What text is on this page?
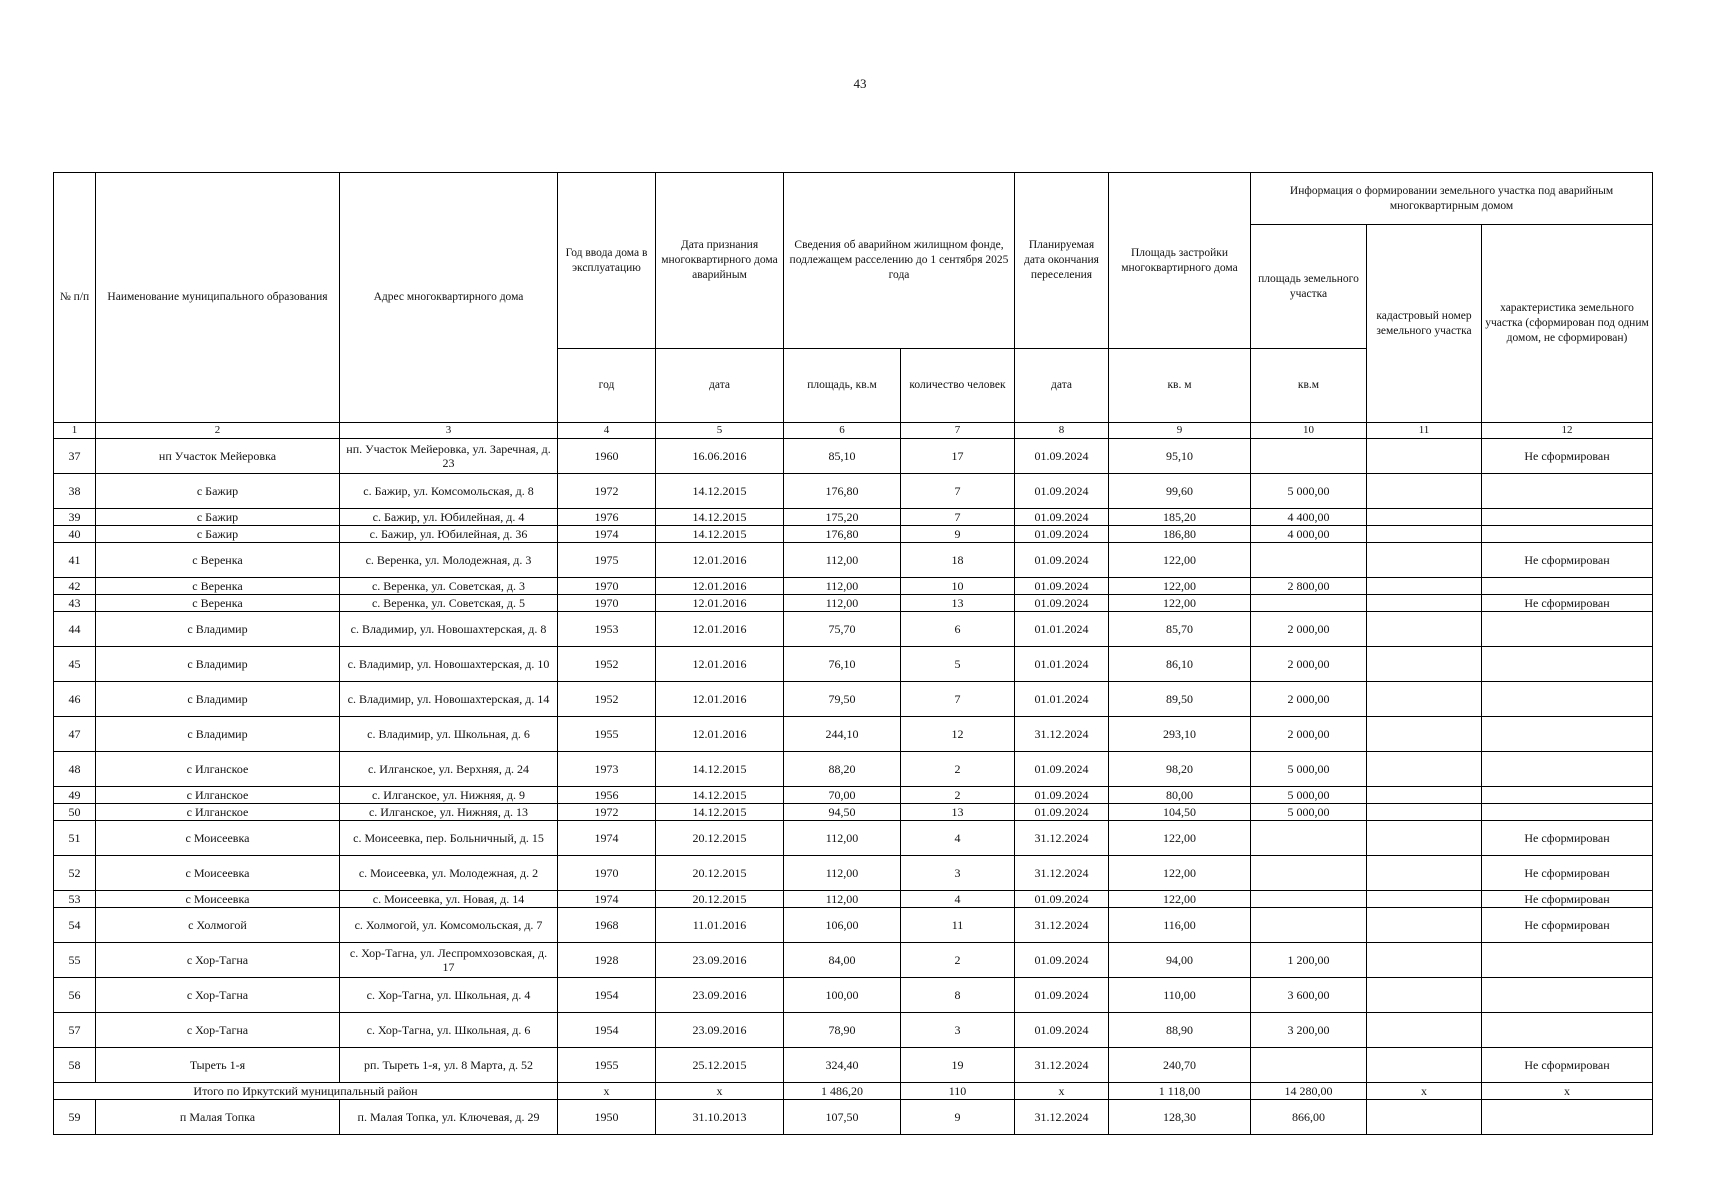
43
№ п/п	Наименование муниципального образования	Адрес многоквартирного дома	Год ввода дома в эксплуатацию	Дата признания многоквартирного дома аварийным	Сведения об аварийном жилищном фонде, подлежащем расселению до 1 сентября 2025 года		Планируемая дата окончания переселения	Площадь застройки многоквартирного дома	Информация о формировании земельного участка под аварийным многоквартирным домом		
									площадь земельного участка	кадастровый номер земельного участка	характеристика земельного участка (сформирован под одним домом, не сформирован)
			год	дата	площадь, кв.м	количество человек	дата	кв. м	кв.м		
1	2	3	4	5	6	7	8	9	10	11	12
37	нп Участок Мейеровка	нп. Участок Мейеровка, ул. Заречная, д. 23	1960	16.06.2016	85,10	17	01.09.2024	95,10			Не сформирован
38	с Бажир	с. Бажир, ул. Комсомольская, д. 8	1972	14.12.2015	176,80	7	01.09.2024	99,60	5 000,00		
39	с Бажир	с. Бажир, ул. Юбилейная, д. 4	1976	14.12.2015	175,20	7	01.09.2024	185,20	4 400,00		
40	с Бажир	с. Бажир, ул. Юбилейная, д. 36	1974	14.12.2015	176,80	9	01.09.2024	186,80	4 000,00		
41	с Веренка	с. Веренка, ул. Молодежная, д. 3	1975	12.01.2016	112,00	18	01.09.2024	122,00			Не сформирован
42	с Веренка	с. Веренка, ул. Советская, д. 3	1970	12.01.2016	112,00	10	01.09.2024	122,00	2 800,00		
43	с Веренка	с. Веренка, ул. Советская, д. 5	1970	12.01.2016	112,00	13	01.09.2024	122,00			Не сформирован
44	с Владимир	с. Владимир, ул. Новошахтерская, д. 8	1953	12.01.2016	75,70	6	01.01.2024	85,70	2 000,00		
45	с Владимир	с. Владимир, ул. Новошахтерская, д. 10	1952	12.01.2016	76,10	5	01.01.2024	86,10	2 000,00		
46	с Владимир	с. Владимир, ул. Новошахтерская, д. 14	1952	12.01.2016	79,50	7	01.01.2024	89,50	2 000,00		
47	с Владимир	с. Владимир, ул. Школьная, д. 6	1955	12.01.2016	244,10	12	31.12.2024	293,10	2 000,00		
48	с Илганское	с. Илганское, ул. Верхняя, д. 24	1973	14.12.2015	88,20	2	01.09.2024	98,20	5 000,00		
49	с Илганское	с. Илганское, ул. Нижняя, д. 9	1956	14.12.2015	70,00	2	01.09.2024	80,00	5 000,00		
50	с Илганское	с. Илганское, ул. Нижняя, д. 13	1972	14.12.2015	94,50	13	01.09.2024	104,50	5 000,00		
51	с Моисеевка	с. Моисеевка, пер. Больничный, д. 15	1974	20.12.2015	112,00	4	31.12.2024	122,00			Не сформирован
52	с Моисеевка	с. Моисеевка, ул. Молодежная, д. 2	1970	20.12.2015	112,00	3	31.12.2024	122,00			Не сформирован
53	с Моисеевка	с. Моисеевка, ул. Новая, д. 14	1974	20.12.2015	112,00	4	01.09.2024	122,00			Не сформирован
54	с Холмогой	с. Холмогой, ул. Комсомольская, д. 7	1968	11.01.2016	106,00	11	31.12.2024	116,00			Не сформирован
55	с Хор-Тагна	с. Хор-Тагна, ул. Леспромхозовская, д. 17	1928	23.09.2016	84,00	2	01.09.2024	94,00	1 200,00		
56	с Хор-Тагна	с. Хор-Тагна, ул. Школьная, д. 4	1954	23.09.2016	100,00	8	01.09.2024	110,00	3 600,00		
57	с Хор-Тагна	с. Хор-Тагна, ул. Школьная, д. 6	1954	23.09.2016	78,90	3	01.09.2024	88,90	3 200,00		
58	Тыреть 1-я	рп. Тыреть 1-я, ул. 8 Марта, д. 52	1955	25.12.2015	324,40	19	31.12.2024	240,70			Не сформирован
Итого по Иркутский муниципальный район			x	x	1 486,20	110	x	1 118,00	14 280,00	x	x
59	п Малая Топка	п. Малая Топка, ул. Ключевая, д. 29	1950	31.10.2013	107,50	9	31.12.2024	128,30	866,00		
